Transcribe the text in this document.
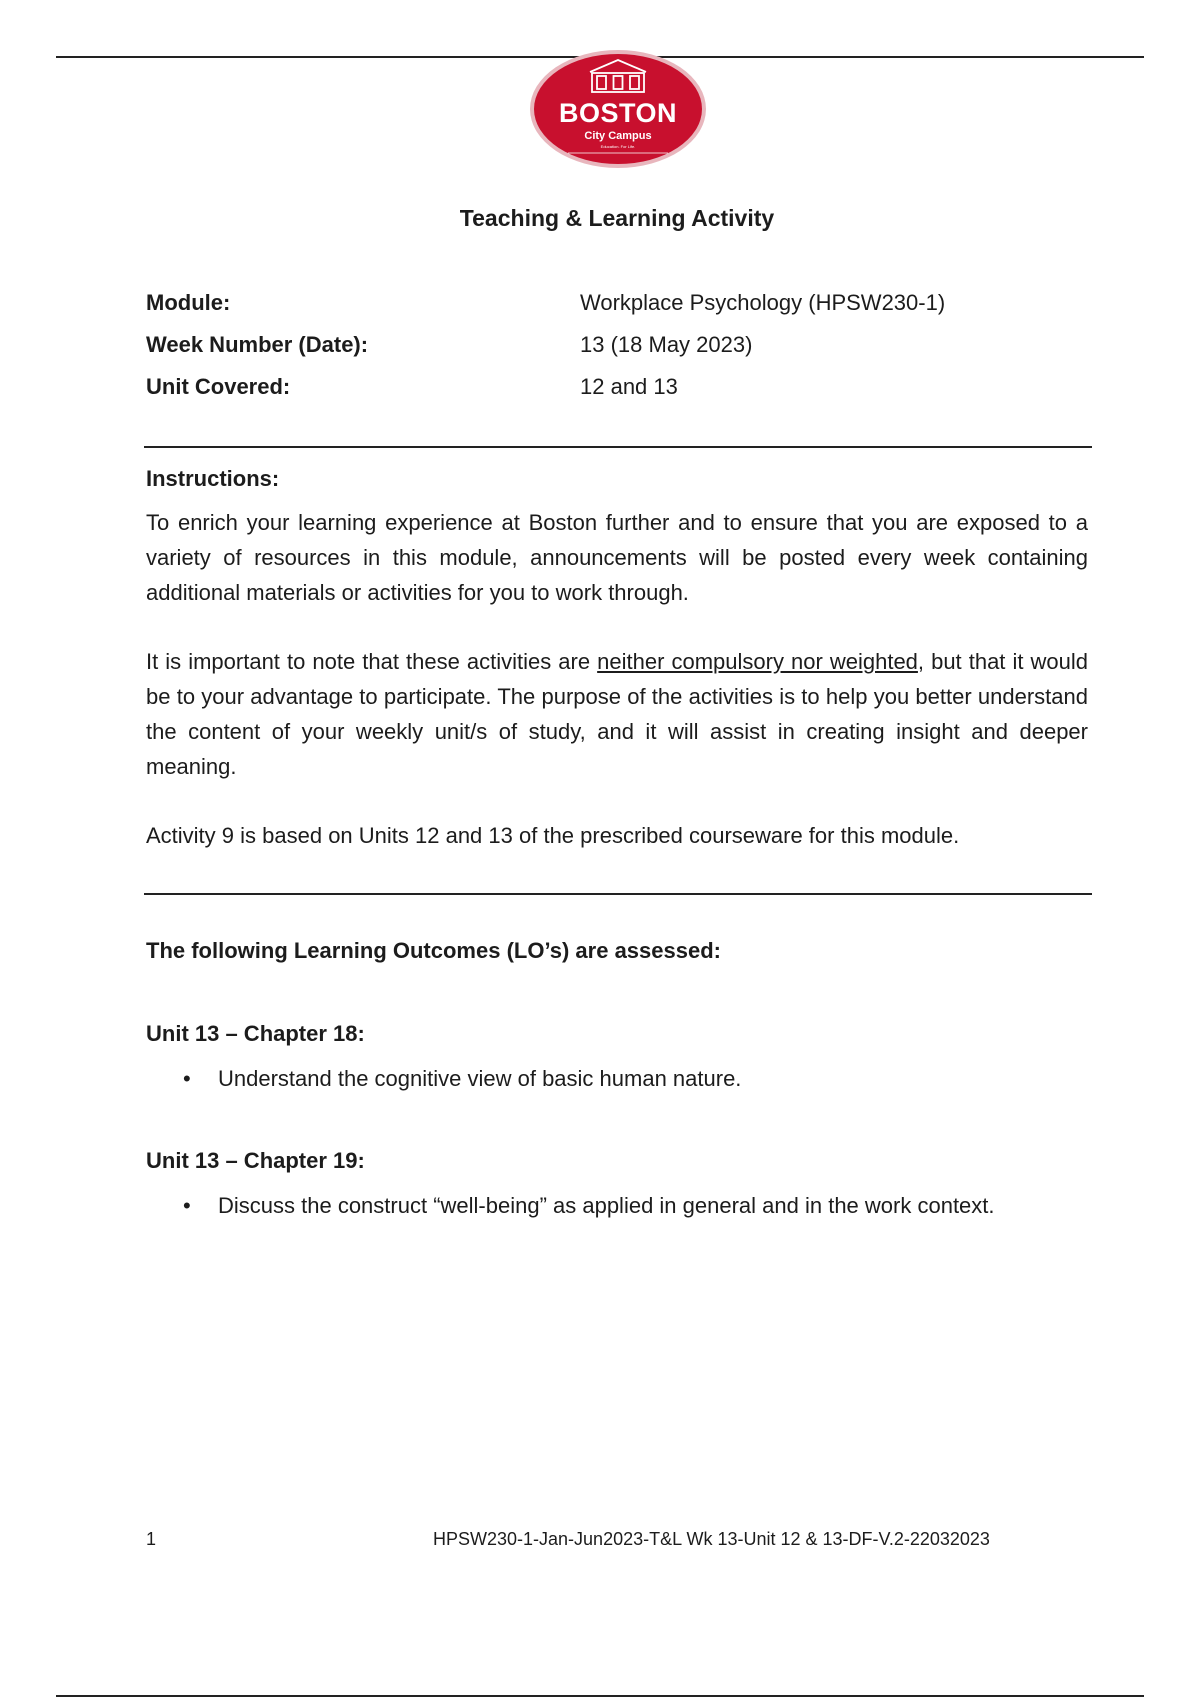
BOSTON
City Campus
Education. For Life.
Teaching & Learning Activity
Module:	Workplace Psychology (HPSW230-1)
Week Number (Date):	13 (18 May 2023)
Unit Covered:	12 and 13
Instructions:
To enrich your learning experience at Boston further and to ensure that you are exposed to a variety of resources in this module, announcements will be posted every week containing additional materials or activities for you to work through.
It is important to note that these activities are neither compulsory nor weighted, but that it would be to your advantage to participate. The purpose of the activities is to help you better understand the content of your weekly unit/s of study, and it will assist in creating insight and deeper meaning.
Activity 9 is based on Units 12 and 13 of the prescribed courseware for this module.
The following Learning Outcomes (LO’s) are assessed:
Unit 13 – Chapter 18:
• Understand the cognitive view of basic human nature.
Unit 13 – Chapter 19:
• Discuss the construct “well-being” as applied in general and in the work context.
1	HPSW230-1-Jan-Jun2023-T&L Wk 13-Unit 12 & 13-DF-V.2-22032023
